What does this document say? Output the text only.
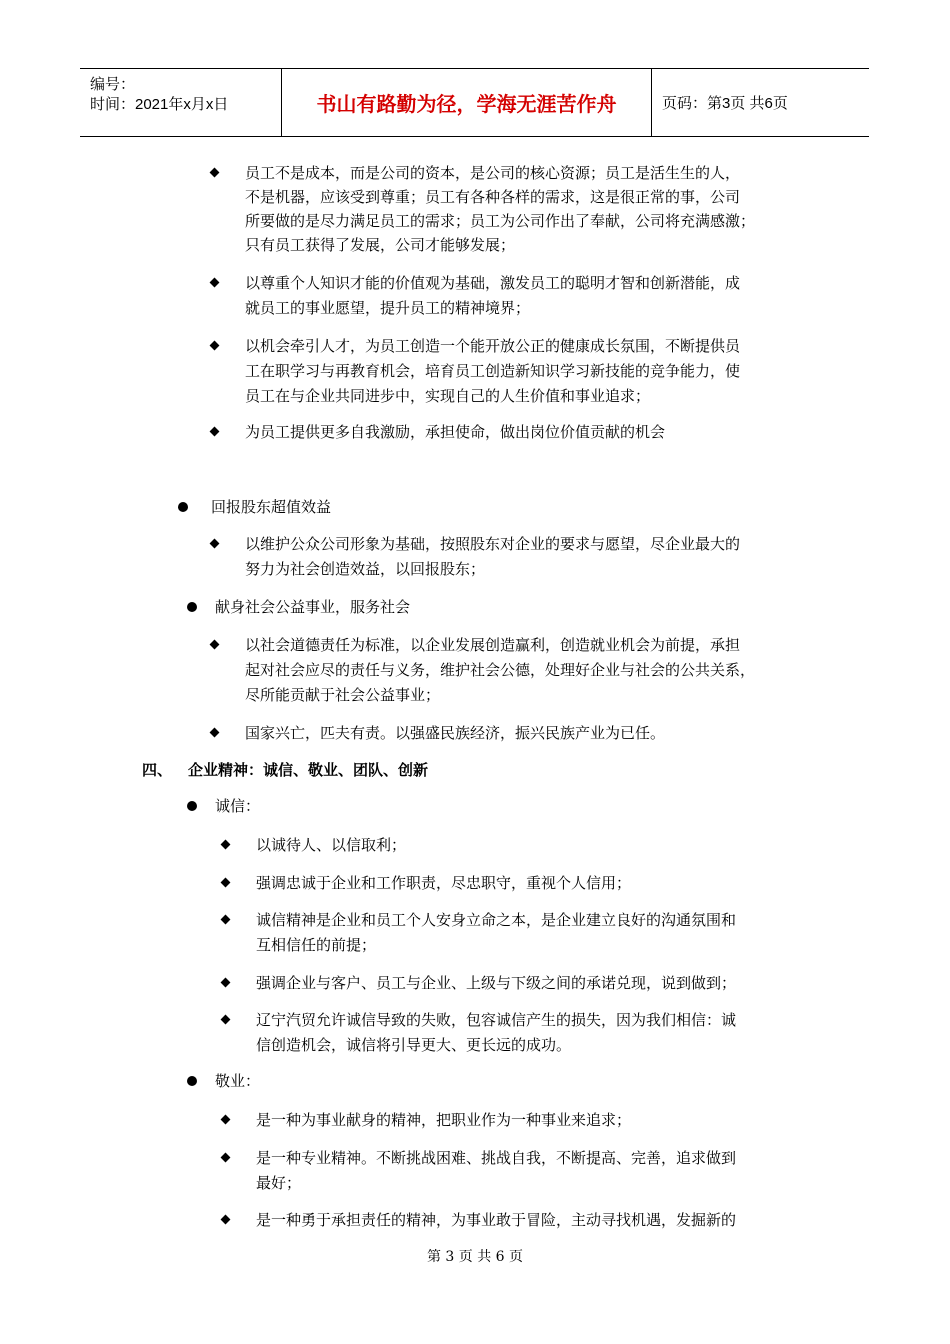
编号：
时间：2021年x月x日	书山有路勤为径，学海无涯苦作舟	页码：第3页 共6页
员工不是成本，而是公司的资本，是公司的核心资源；员工是活生生的人，
不是机器，应该受到尊重；员工有各种各样的需求，这是很正常的事，公司
所要做的是尽力满足员工的需求；员工为公司作出了奉献，公司将充满感激；
只有员工获得了发展，公司才能够发展；
以尊重个人知识才能的价值观为基础，激发员工的聪明才智和创新潜能，成
就员工的事业愿望，提升员工的精神境界；
以机会牵引人才，为员工创造一个能开放公正的健康成长氛围，不断提供员
工在职学习与再教育机会，培育员工创造新知识学习新技能的竞争能力，使
员工在与企业共同进步中，实现自己的人生价值和事业追求；
为员工提供更多自我激励，承担使命，做出岗位价值贡献的机会
回报股东超值效益
以维护公众公司形象为基础，按照股东对企业的要求与愿望，尽企业最大的
努力为社会创造效益，以回报股东；
献身社会公益事业，服务社会
以社会道德责任为标准，以企业发展创造赢利，创造就业机会为前提，承担
起对社会应尽的责任与义务，维护社会公德，处理好企业与社会的公共关系，
尽所能贡献于社会公益事业；
国家兴亡，匹夫有责。以强盛民族经济，振兴民族产业为已任。
四、 企业精神：诚信、敬业、团队、创新
诚信：
以诚待人、以信取利；
强调忠诚于企业和工作职责，尽忠职守，重视个人信用；
诚信精神是企业和员工个人安身立命之本，是企业建立良好的沟通氛围和
互相信任的前提；
强调企业与客户、员工与企业、上级与下级之间的承诺兑现，说到做到；
辽宁汽贸允许诚信导致的失败，包容诚信产生的损失，因为我们相信：诚
信创造机会，诚信将引导更大、更长远的成功。
敬业：
是一种为事业献身的精神，把职业作为一种事业来追求；
是一种专业精神。不断挑战困难、挑战自我，不断提高、完善，追求做到
最好；
是一种勇于承担责任的精神，为事业敢于冒险，主动寻找机遇，发掘新的
第 3 页 共 6 页
